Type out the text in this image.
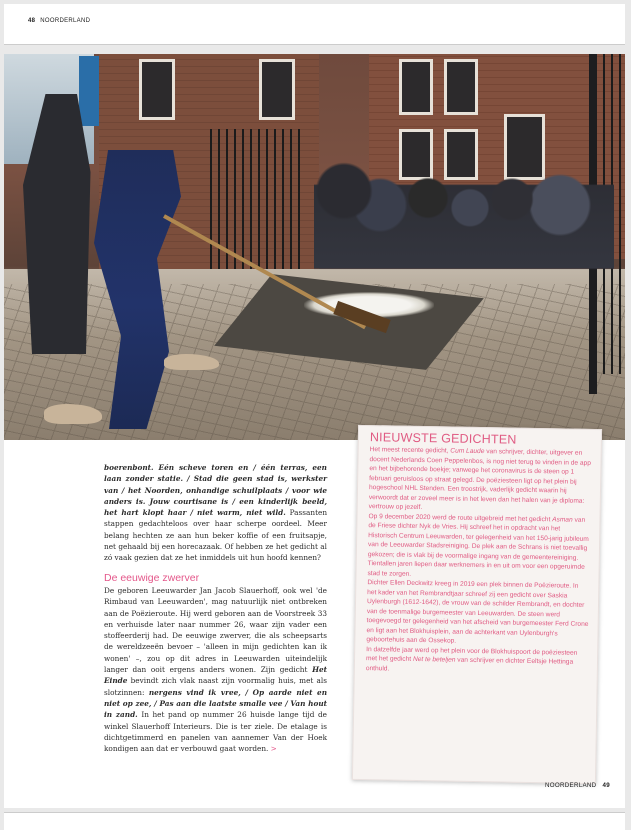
48 NOORDERLAND

boerenbont. Eén scheve toren en / één terras, een laan zonder statie. / Stad die geen stad is, werkster van / het Noorden, onhandige schuilplaats / voor wie anders is. Jouw courtisane is / een kinderlijk beeld, het hart klopt haar / niet warm, niet wild. Passanten stappen gedachteloos over haar scherpe oordeel. Meer belang hechten ze aan hun beker koffie of een fruitsapje, net gehaald bij een horecazaak. Of hebben ze het gedicht al zó vaak gezien dat ze het inmiddels uit hun hoofd kennen?

De eeuwige zwerver

De geboren Leeuwarder Jan Jacob Slauerhoff, ook wel 'de Rimbaud van Leeuwarden', mag natuurlijk niet ontbreken aan de Poëzieroute. Hij werd geboren aan de Voorstreek 33 en verhuisde later naar nummer 26, waar zijn vader een stoffeerderij had. De eeuwige zwerver, die als scheepsarts de wereldzeeën bevoer – 'alleen in mijn gedichten kan ik wonen' –, zou op dit adres in Leeuwarden uiteindelijk langer dan ooit ergens anders wonen. Zijn gedicht Het Einde bevindt zich vlak naast zijn voormalig huis, met als slotzinnen: nergens vind ik vree, / Op aarde niet en niet op zee, / Pas aan die laatste smalle vee / Van hout in zand. In het pand op nummer 26 huisde lange tijd de winkel Slauerhoff Interieurs. Die is ter ziele. De etalage is dichtgetimmerd en panelen van aannemer Van der Hoek kondigen aan dat er verbouwd gaat worden. >

NIEUWSTE GEDICHTEN

Het meest recente gedicht, Cum Laude van schrijver, dichter, uitgever en docent Nederlands Coen Peppelenbos, is nog niet terug te vinden in de app en het bijbehorende boekje; vanwege het coronavirus is de steen op 1 februari geruisloos op straat gelegd. De poëziesteen ligt op het plein bij hogeschool NHL Stenden. Een troostrijk, vaderlijk gedicht waarin hij verwoordt dat er zoveel meer is in het leven dan het halen van je diploma: vertrouw op jezelf.

Op 9 december 2020 werd de route uitgebreid met het gedicht Asman van de Friese dichter Nyk de Vries. Hij schreef het in opdracht van het Historisch Centrum Leeuwarden, ter gelegenheid van het 150-jarig jubileum van de Leeuwarder Stadsreiniging. De plek aan de Schrans is niet toevallig gekozen; die is vlak bij de voormalige ingang van de gemeentereiniging. Tientallen jaren liepen daar werknemers in en uit om voor een opgeruimde stad te zorgen.

Dichter Ellen Deckwitz kreeg in 2019 een plek binnen de Poëzieroute. In het kader van het Rembrandtjaar schreef zij een gedicht over Saskia Uylenburgh (1612-1642), de vrouw van de schilder Rembrandt, en dochter van de toenmalige burgemeester van Leeuwarden. De steen werd toegevoegd ter gelegenheid van het afscheid van burgemeester Ferd Crone en ligt aan het Blokhuisplein, aan de achterkant van Uylenburgh's geboortehuis aan de Ossekop.

In datzelfde jaar werd op het plein voor de Blokhuispoort de poëziesteen met het gedicht Net te beteljen van schrijver en dichter Eeltsje Hettinga onthuld.

NOORDERLAND 49
